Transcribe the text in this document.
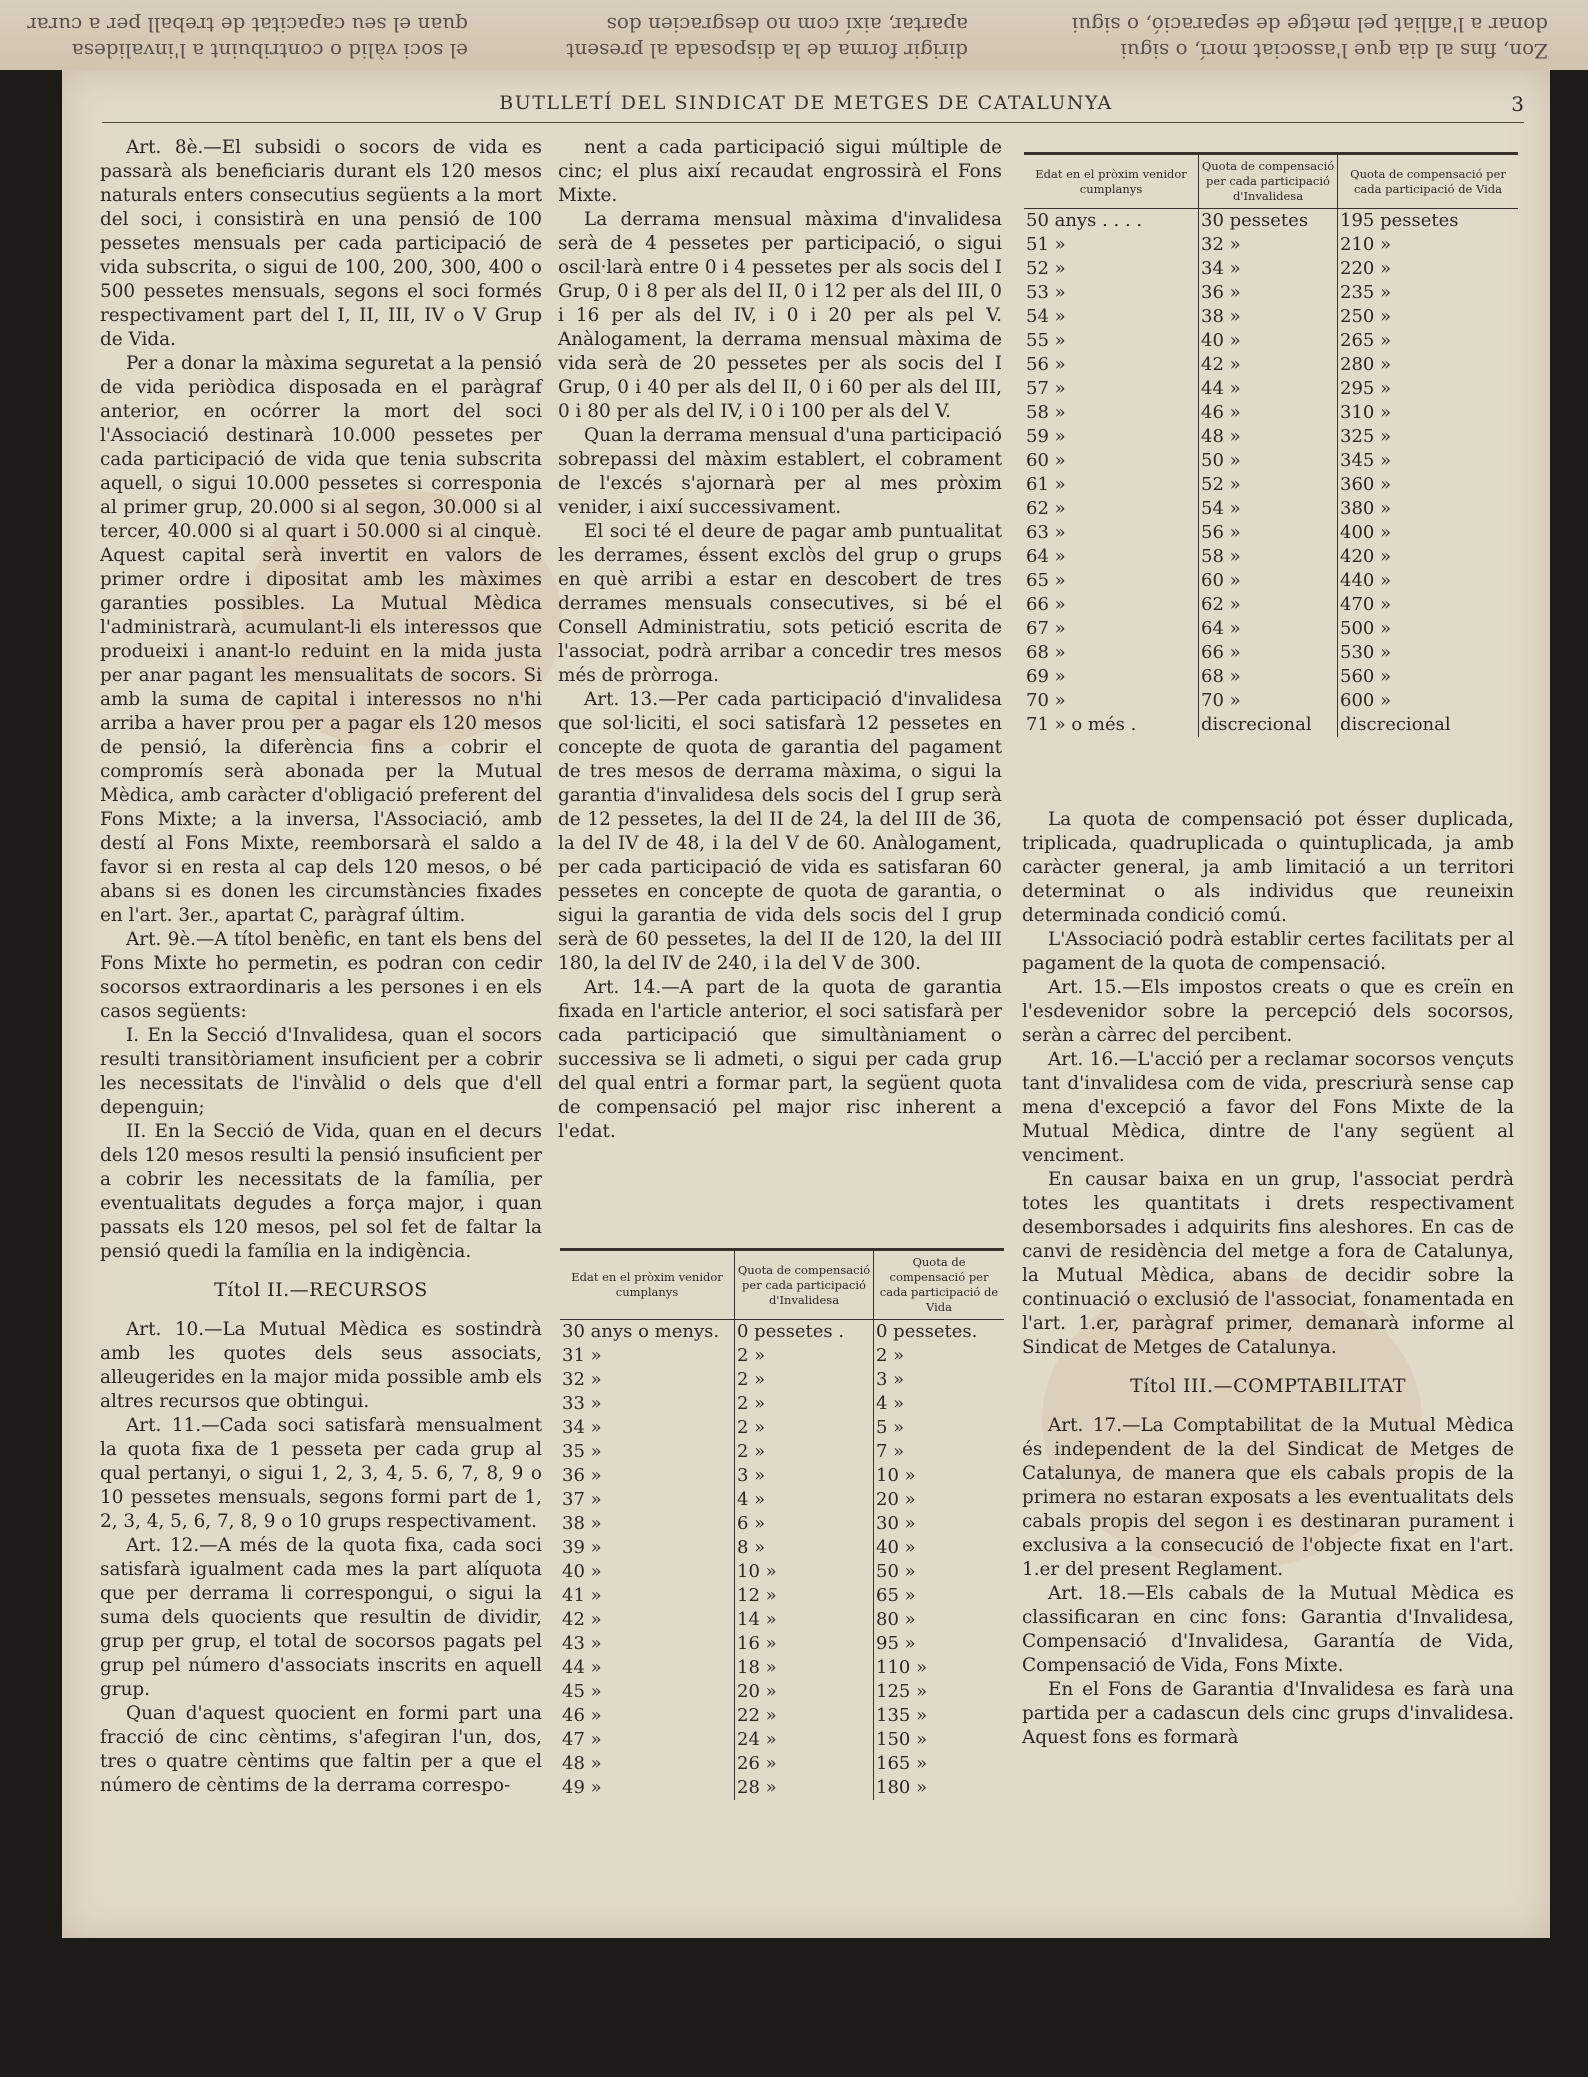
Zon, fins al dia que l'associat morí, o sigui
donar a l'afiliat pel metge de separació, o sigui
dirigir forma de la disposada al present
apartar, així com no desgracien dos
el soci vàlid o contribuint a l'invalidesa
quan el seu capacitat de treball per a curar
BUTLLETÍ DEL SINDICAT DE METGES DE CATALUNYA	3

Art. 8è.—El subsidi o socors de vida es passarà als beneficiaris durant els 120 mesos naturals enters consecutius següents a la mort del soci, i consistirà en una pensió de 100 pessetes mensuals per cada participació de vida subscrita, o sigui de 100, 200, 300, 400 o 500 pessetes mensuals, segons el soci formés respectivament part del I, II, III, IV o V Grup de Vida.

Per a donar la màxima seguretat a la pensió de vida periòdica disposada en el paràgraf anterior, en ocórrer la mort del soci l'Associació destinarà 10.000 pessetes per cada participació de vida que tenia subscrita aquell, o sigui 10.000 pessetes si corresponia al primer grup, 20.000 si al segon, 30.000 si al tercer, 40.000 si al quart i 50.000 si al cinquè. Aquest capital serà invertit en valors de primer ordre i dipositat amb les màximes garanties possibles. La Mutual Mèdica l'administrarà, acumulant-li els interessos que produeixi i anant-lo reduint en la mida justa per anar pagant les mensualitats de socors. Si amb la suma de capital i interessos no n'hi arriba a haver prou per a pagar els 120 mesos de pensió, la diferència fins a cobrir el compromís serà abonada per la Mutual Mèdica, amb caràcter d'obligació preferent del Fons Mixte; a la inversa, l'Associació, amb destí al Fons Mixte, reemborsarà el saldo a favor si en resta al cap dels 120 mesos, o bé abans si es donen les circumstàncies fixades en l'art. 3er., apartat C, paràgraf últim.

Art. 9è.—A títol benèfic, en tant els bens del Fons Mixte ho permetin, es podran con cedir socorsos extraordinaris a les persones i en els casos següents:

I. En la Secció d'Invalidesa, quan el socors resulti transitòriament insuficient per a cobrir les necessitats de l'invàlid o dels que d'ell depenguin;

II. En la Secció de Vida, quan en el decurs dels 120 mesos resulti la pensió insuficient per a cobrir les necessitats de la família, per eventualitats degudes a força major, i quan passats els 120 mesos, pel sol fet de faltar la pensió quedi la família en la indigència.

Títol II.—RECURSOS

Art. 10.—La Mutual Mèdica es sostindrà amb les quotes dels seus associats, alleugerides en la major mida possible amb els altres recursos que obtingui.

Art. 11.—Cada soci satisfarà mensualment la quota fixa de 1 pesseta per cada grup al qual pertanyi, o sigui 1, 2, 3, 4, 5. 6, 7, 8, 9 o 10 pessetes mensuals, segons formi part de 1, 2, 3, 4, 5, 6, 7, 8, 9 o 10 grups respectivament.

Art. 12.—A més de la quota fixa, cada soci satisfarà igualment cada mes la part alíquota que per derrama li correspongui, o sigui la suma dels quocients que resultin de dividir, grup per grup, el total de socorsos pagats pel grup pel número d'associats inscrits en aquell grup.

Quan d'aquest quocient en formi part una fracció de cinc cèntims, s'afegiran l'un, dos, tres o quatre cèntims que faltin per a que el número de cèntims de la derrama correspo-

nent a cada participació sigui múltiple de cinc; el plus així recaudat engrossirà el Fons Mixte.

La derrama mensual màxima d'invalidesa serà de 4 pessetes per participació, o sigui oscil·larà entre 0 i 4 pessetes per als socis del I Grup, 0 i 8 per als del II, 0 i 12 per als del III, 0 i 16 per als del IV, i 0 i 20 per als pel V. Anàlogament, la derrama mensual màxima de vida serà de 20 pessetes per als socis del I Grup, 0 i 40 per als del II, 0 i 60 per als del III, 0 i 80 per als del IV, i 0 i 100 per als del V.

Quan la derrama mensual d'una participació sobrepassi del màxim establert, el cobrament de l'excés s'ajornarà per al mes pròxim venider, i així successivament.

El soci té el deure de pagar amb puntualitat les derrames, éssent exclòs del grup o grups en què arribi a estar en descobert de tres derrames mensuals consecutives, si bé el Consell Administratiu, sots petició escrita de l'associat, podrà arribar a concedir tres mesos més de pròrroga.

Art. 13.—Per cada participació d'invalidesa que sol·liciti, el soci satisfarà 12 pessetes en concepte de quota de garantia del pagament de tres mesos de derrama màxima, o sigui la garantia d'invalidesa dels socis del I grup serà de 12 pessetes, la del II de 24, la del III de 36, la del IV de 48, i la del V de 60. Anàlogament, per cada participació de vida es satisfaran 60 pessetes en concepte de quota de garantia, o sigui la garantia de vida dels socis del I grup serà de 60 pessetes, la del II de 120, la del III 180, la del IV de 240, i la del V de 300.

Art. 14.—A part de la quota de garantia fixada en l'article anterior, el soci satisfarà per cada participació que simultàniament o successiva se li admeti, o sigui per cada grup del qual entri a formar part, la següent quota de compensació pel major risc inherent a l'edat.

Edat en el pròxim venidor cumplanys	Quota de compensació per cada participació d'Invalidesa	Quota de compensació per cada participació de Vida
30 anys o menys.	0 pessetes .	0 pessetes.
31 »	2 »	2 »
32 »	2 »	3 »
33 »	2 »	4 »
34 »	2 »	5 »
35 »	2 »	7 »
36 »	3 »	10 »
37 »	4 »	20 »
38 »	6 »	30 »
39 »	8 »	40 »
40 »	10 »	50 »
41 »	12 »	65 »
42 »	14 »	80 »
43 »	16 »	95 »
44 »	18 »	110 »
45 »	20 »	125 »
46 »	22 »	135 »
47 »	24 »	150 »
48 »	26 »	165 »
49 »	28 »	180 »
Edat en el pròxim venidor cumplanys	Quota de compensació per cada participació d'Invalidesa	Quota de compensació per cada participació de Vida
50 anys . . . .	30 pessetes	195 pessetes
51 »	32 »	210 »
52 »	34 »	220 »
53 »	36 »	235 »
54 »	38 »	250 »
55 »	40 »	265 »
56 »	42 »	280 »
57 »	44 »	295 »
58 »	46 »	310 »
59 »	48 »	325 »
60 »	50 »	345 »
61 »	52 »	360 »
62 »	54 »	380 »
63 »	56 »	400 »
64 »	58 »	420 »
65 »	60 »	440 »
66 »	62 »	470 »
67 »	64 »	500 »
68 »	66 »	530 »
69 »	68 »	560 »
70 »	70 »	600 »
71 » o més .	discrecional	discrecional

La quota de compensació pot ésser duplicada, triplicada, quadruplicada o quintuplicada, ja amb caràcter general, ja amb limitació a un territori determinat o als individus que reuneixin determinada condició comú.

L'Associació podrà establir certes facilitats per al pagament de la quota de compensació.

Art. 15.—Els impostos creats o que es creïn en l'esdevenidor sobre la percepció dels socorsos, seràn a càrrec del percibent.

Art. 16.—L'acció per a reclamar socorsos vençuts tant d'invalidesa com de vida, prescriurà sense cap mena d'excepció a favor del Fons Mixte de la Mutual Mèdica, dintre de l'any següent al venciment.

En causar baixa en un grup, l'associat perdrà totes les quantitats i drets respectivament desemborsades i adquirits fins aleshores. En cas de canvi de residència del metge a fora de Catalunya, la Mutual Mèdica, abans de decidir sobre la continuació o exclusió de l'associat, fonamentada en l'art. 1.er, paràgraf primer, demanarà informe al Sindicat de Metges de Catalunya.

Títol III.—COMPTABILITAT

Art. 17.—La Comptabilitat de la Mutual Mèdica és independent de la del Sindicat de Metges de Catalunya, de manera que els cabals propis de la primera no estaran exposats a les eventualitats dels cabals propis del segon i es destinaran purament i exclusiva a la consecució de l'objecte fixat en l'art. 1.er del present Reglament.

Art. 18.—Els cabals de la Mutual Mèdica es classificaran en cinc fons: Garantia d'Invalidesa, Compensació d'Invalidesa, Garantía de Vida, Compensació de Vida, Fons Mixte.

En el Fons de Garantia d'Invalidesa es farà una partida per a cadascun dels cinc grups d'invalidesa. Aquest fons es formarà
